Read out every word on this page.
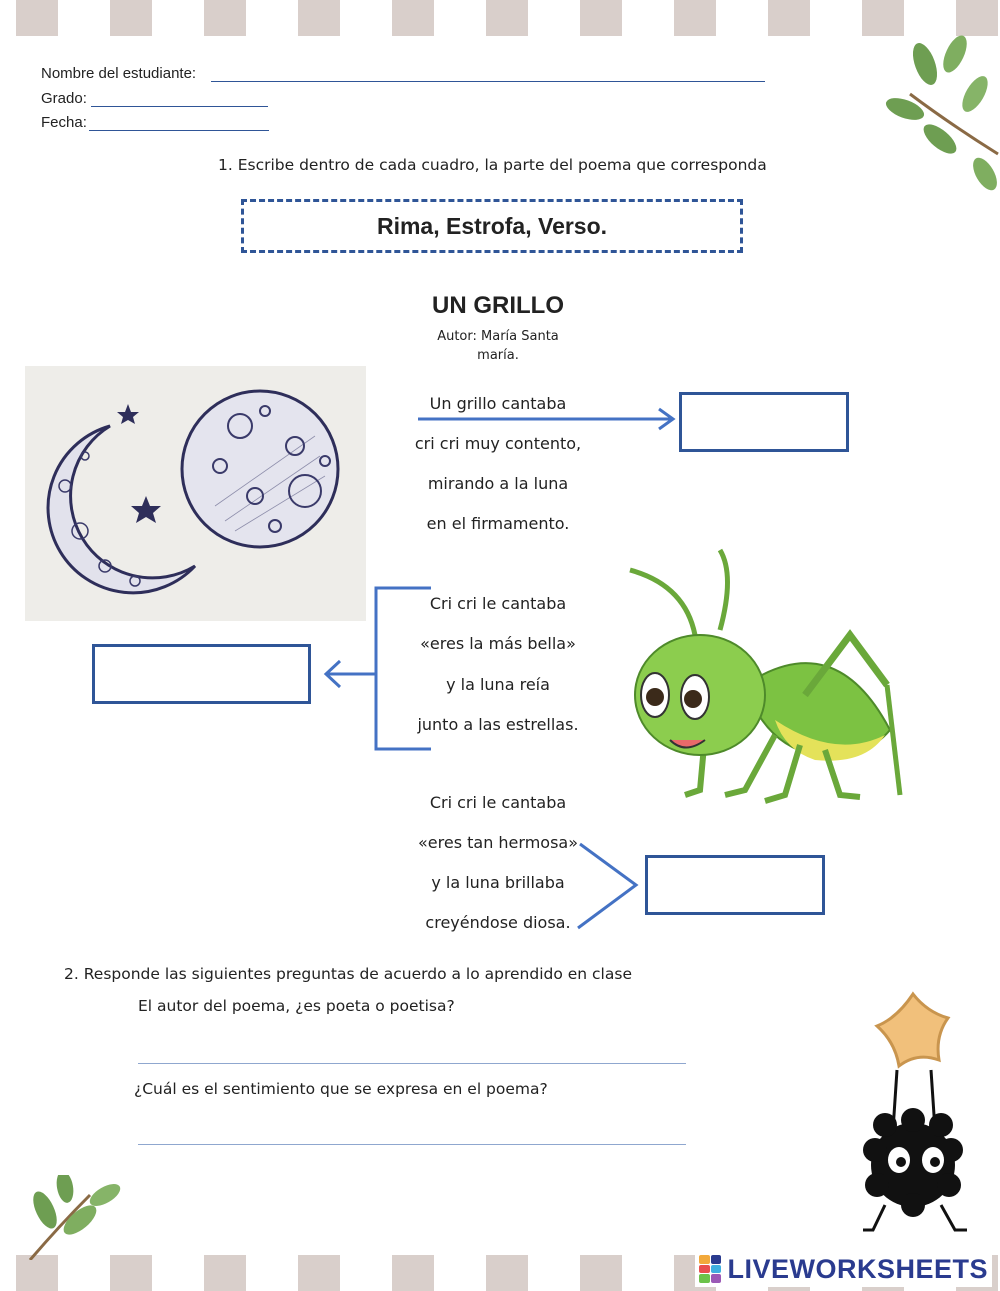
Nombre del estudiante:
Grado:
Fecha:
1. Escribe dentro de cada cuadro, la parte del poema que corresponda
Rima, Estrofa, Verso.
UN GRILLO
Autor: María Santa
maría.
Un grillo cantaba
cri cri muy contento,
mirando a la luna
en el firmamento.
Cri cri le cantaba
«eres la más bella»
y la luna reía
junto a las estrellas.
Cri cri le cantaba
«eres tan hermosa»
y la luna brillaba
creyéndose diosa.
2. Responde las siguientes preguntas de acuerdo a lo aprendido en clase
El autor del poema, ¿es poeta o poetisa?
¿Cuál es el sentimiento que se expresa en el poema?
LIVEWORKSHEETS
